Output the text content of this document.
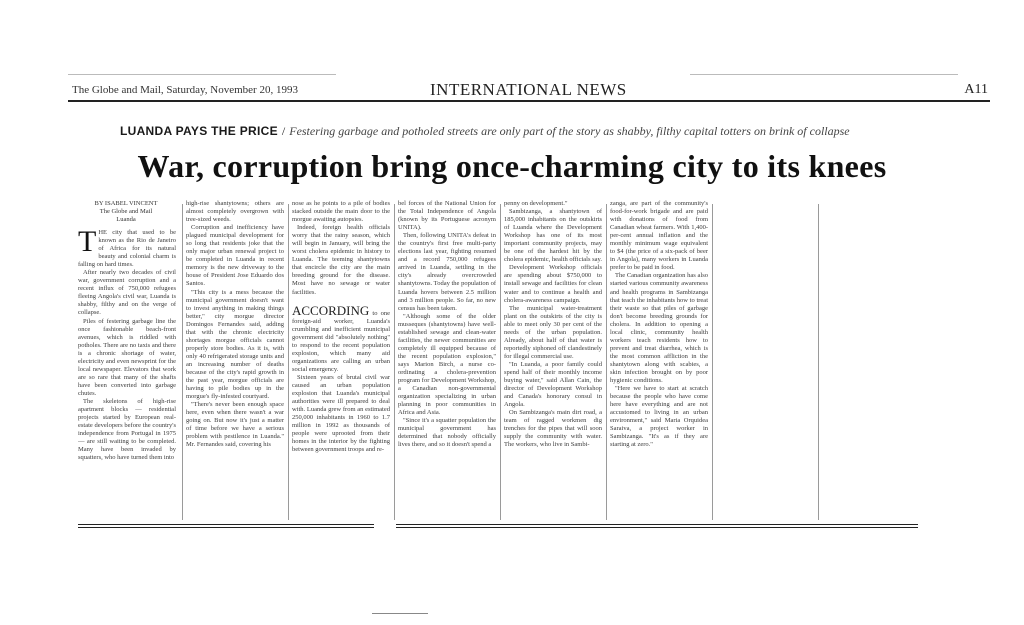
The Globe and Mail, Saturday, November 20, 1993	INTERNATIONAL NEWS	A11
LUANDA PAYS THE PRICE / Festering garbage and potholed streets are only part of the story as shabby, filthy capital totters on brink of collapse
War, corruption bring once-charming city to its knees
BY ISABEL VINCENT
The Globe and Mail
Luanda

THE city that used to be known as the Rio de Janeiro of Africa for its natural beauty and colonial charm is falling on hard times.

After nearly two decades of civil war, government corruption and a recent influx of 750,000 refugees fleeing Angola's civil war, Luanda is shabby, filthy and on the verge of collapse.

Piles of festering garbage line the once fashionable beach-front avenues, which is riddled with potholes. There are no taxis and there is a chronic shortage of water, electricity and even newsprint for the local newspaper. Elevators that work are so rare that many of the shafts have been converted into garbage chutes.

The skeletons of high-rise apartment blocks — residential projects started by European real-estate developers before the country's independence from Portugal in 1975 — are still waiting to be completed. Many have been invaded by squatters, who have turned them into

high-rise shantytowns; others are almost completely overgrown with tree-sized weeds.

Corruption and inefficiency have plagued municipal development for so long that residents joke that the only major urban renewal project to be completed in Luanda in recent memory is the new driveway to the house of President Jose Eduardo dos Santos.

"This city is a mess because the municipal government doesn't want to invest anything in making things better," city morgue director Domingos Fernandes said, adding that with the chronic electricity shortages morgue officials cannot properly store bodies. As it is, with only 40 refrigerated storage units and an increasing number of deaths because of the city's rapid growth in the past year, morgue officials are having to pile bodies up in the morgue's fly-infested courtyard.

"There's never been enough space here, even when there wasn't a war going on. But now it's just a matter of time before we have a serious problem with pestilence in Luanda." Mr. Fernandes said, covering his

nose as he points to a pile of bodies stacked outside the main door to the morgue awaiting autopsies.

Indeed, foreign health officials worry that the rainy season, which will begin in January, will bring the worst cholera epidemic in history to Luanda. The teeming shantytowns that encircle the city are the main breeding ground for the disease. Most have no sewage or water facilities.

ACCORDING to one foreign-aid worker, Luanda's crumbling and inefficient municipal government did "absolutely nothing" to respond to the recent population explosion, which many aid organizations are calling an urban social emergency.

Sixteen years of brutal civil war caused an urban population explosion that Luanda's municipal authorities were ill prepared to deal with. Luanda grew from an estimated 250,000 inhabitants in 1960 to 1.7 million in 1992 as thousands of people were uprooted from their homes in the interior by the fighting between government troops and re-

bel forces of the National Union for the Total Independence of Angola (known by its Portuguese acronym UNITA).

Then, following UNITA's defeat in the country's first free multi-party elections last year, fighting resumed and a record 750,000 refugees arrived in Luanda, settling in the city's already overcrowded shantytowns. Today the population of Luanda hovers between 2.5 million and 3 million people. So far, no new census has been taken.

"Although some of the older musseques (shantytowns) have well-established sewage and clean-water facilities, the newer communities are completely ill equipped because of the recent population explosion," says Marion Birch, a nurse co-ordinating a cholera-prevention program for Development Workshop, a Canadian non-governmental organization specializing in urban planning in poor communities in Africa and Asia.

"Since it's a squatter population the municipal government has determined that nobody officially lives there, and so it doesn't spend a

penny on development."

Sambizanga, a shantytown of 185,000 inhabitants on the outskirts of Luanda where the Development Workshop has one of its most important community projects, may be one of the hardest hit by the cholera epidemic, health officials say.

Development Workshop officials are spending about $750,000 to install sewage and facilities for clean water and to continue a health and cholera-awareness campaign.

The municipal water-treatment plant on the outskirts of the city is able to meet only 30 per cent of the needs of the urban population. Already, about half of that water is reportedly siphoned off clandestinely for illegal commercial use.

"In Luanda, a poor family could spend half of their monthly income buying water," said Allan Cain, the director of Development Workshop and Canada's honorary consul in Angola.

On Sambizanga's main dirt road, a team of ragged workmen dig trenches for the pipes that will soon supply the community with water. The workers, who live in Sambi-

zanga, are part of the community's food-for-work brigade and are paid with donations of food from Canadian wheat farmers. With 1,400-per-cent annual inflation and the monthly minimum wage equivalent to $4 (the price of a six-pack of beer in Angola), many workers in Luanda prefer to be paid in food.

The Canadian organization has also started various community awareness and health programs in Sambizanga that teach the inhabitants how to treat their waste so that piles of garbage don't become breeding grounds for cholera. In addition to opening a local clinic, community health workers teach residents how to prevent and treat diarrhea, which is the most common affliction in the shantytown along with scabies, a skin infection brought on by poor hygienic conditions.

"Here we have to start at scratch because the people who have come here have everything and are not accustomed to living in an urban environment," said Maria Orquidea Saraiva, a project worker in Sambizanga. "It's as if they are starting at zero."
